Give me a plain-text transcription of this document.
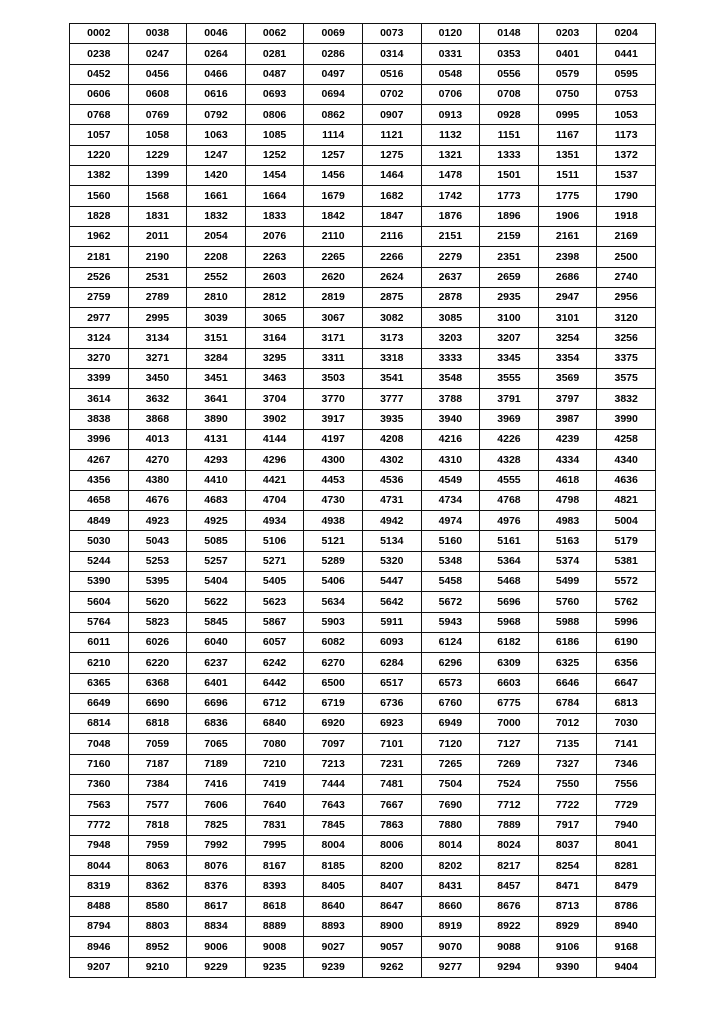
0002	0038	0046	0062	0069	0073	0120	0148	0203	0204
0238	0247	0264	0281	0286	0314	0331	0353	0401	0441
0452	0456	0466	0487	0497	0516	0548	0556	0579	0595
0606	0608	0616	0693	0694	0702	0706	0708	0750	0753
0768	0769	0792	0806	0862	0907	0913	0928	0995	1053
1057	1058	1063	1085	1114	1121	1132	1151	1167	1173
1220	1229	1247	1252	1257	1275	1321	1333	1351	1372
1382	1399	1420	1454	1456	1464	1478	1501	1511	1537
1560	1568	1661	1664	1679	1682	1742	1773	1775	1790
1828	1831	1832	1833	1842	1847	1876	1896	1906	1918
1962	2011	2054	2076	2110	2116	2151	2159	2161	2169
2181	2190	2208	2263	2265	2266	2279	2351	2398	2500
2526	2531	2552	2603	2620	2624	2637	2659	2686	2740
2759	2789	2810	2812	2819	2875	2878	2935	2947	2956
2977	2995	3039	3065	3067	3082	3085	3100	3101	3120
3124	3134	3151	3164	3171	3173	3203	3207	3254	3256
3270	3271	3284	3295	3311	3318	3333	3345	3354	3375
3399	3450	3451	3463	3503	3541	3548	3555	3569	3575
3614	3632	3641	3704	3770	3777	3788	3791	3797	3832
3838	3868	3890	3902	3917	3935	3940	3969	3987	3990
3996	4013	4131	4144	4197	4208	4216	4226	4239	4258
4267	4270	4293	4296	4300	4302	4310	4328	4334	4340
4356	4380	4410	4421	4453	4536	4549	4555	4618	4636
4658	4676	4683	4704	4730	4731	4734	4768	4798	4821
4849	4923	4925	4934	4938	4942	4974	4976	4983	5004
5030	5043	5085	5106	5121	5134	5160	5161	5163	5179
5244	5253	5257	5271	5289	5320	5348	5364	5374	5381
5390	5395	5404	5405	5406	5447	5458	5468	5499	5572
5604	5620	5622	5623	5634	5642	5672	5696	5760	5762
5764	5823	5845	5867	5903	5911	5943	5968	5988	5996
6011	6026	6040	6057	6082	6093	6124	6182	6186	6190
6210	6220	6237	6242	6270	6284	6296	6309	6325	6356
6365	6368	6401	6442	6500	6517	6573	6603	6646	6647
6649	6690	6696	6712	6719	6736	6760	6775	6784	6813
6814	6818	6836	6840	6920	6923	6949	7000	7012	7030
7048	7059	7065	7080	7097	7101	7120	7127	7135	7141
7160	7187	7189	7210	7213	7231	7265	7269	7327	7346
7360	7384	7416	7419	7444	7481	7504	7524	7550	7556
7563	7577	7606	7640	7643	7667	7690	7712	7722	7729
7772	7818	7825	7831	7845	7863	7880	7889	7917	7940
7948	7959	7992	7995	8004	8006	8014	8024	8037	8041
8044	8063	8076	8167	8185	8200	8202	8217	8254	8281
8319	8362	8376	8393	8405	8407	8431	8457	8471	8479
8488	8580	8617	8618	8640	8647	8660	8676	8713	8786
8794	8803	8834	8889	8893	8900	8919	8922	8929	8940
8946	8952	9006	9008	9027	9057	9070	9088	9106	9168
9207	9210	9229	9235	9239	9262	9277	9294	9390	9404
